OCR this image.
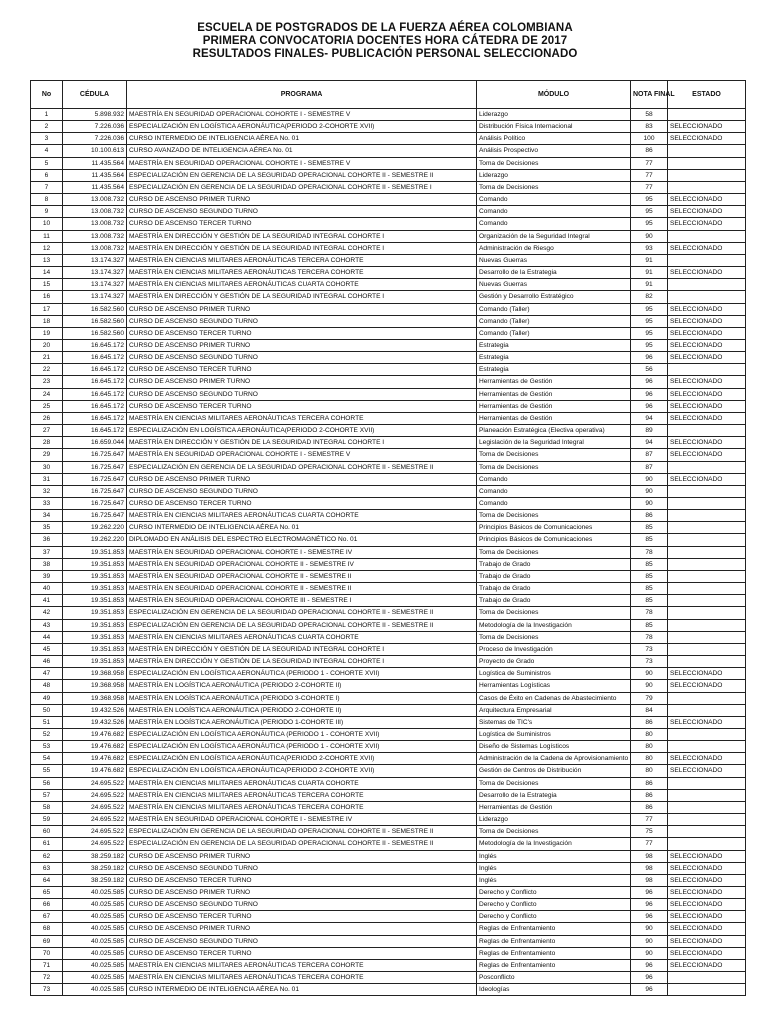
ESCUELA DE POSTGRADOS DE LA FUERZA AÉREA COLOMBIANA
PRIMERA CONVOCATORIA DOCENTES HORA CÁTEDRA DE 2017
RESULTADOS FINALES- PUBLICACIÓN PERSONAL SELECCIONADO
No	CÉDULA	PROGRAMA	MÓDULO	NOTA FINAL	ESTADO
1	5.898.932	MAESTRÍA EN SEGURIDAD OPERACIONAL COHORTE I - SEMESTRE V	Liderazgo	58	
2	7.226.036	ESPECIALIZACIÓN EN LOGÍSTICA AERONÁUTICA(PERIODO 2-COHORTE XVII)	Distribución Física Internacional	83	SELECCIONADO
3	7.226.036	CURSO INTERMEDIO DE INTELIGENCIA AÉREA No. 01	Análisis Político	100	SELECCIONADO
4	10.100.613	CURSO AVANZADO DE INTELIGENCIA AÉREA No. 01	Análisis Prospectivo	86	
5	11.435.564	MAESTRÍA EN SEGURIDAD OPERACIONAL COHORTE I - SEMESTRE V	Toma de Decisiones	77	
6	11.435.564	ESPECIALIZACIÓN EN GERENCIA DE LA SEGURIDAD OPERACIONAL COHORTE II - SEMESTRE II	Liderazgo	77	
7	11.435.564	ESPECIALIZACIÓN EN GERENCIA DE LA SEGURIDAD OPERACIONAL COHORTE II - SEMESTRE I	Toma de Decisiones	77	
8	13.008.732	CURSO DE ASCENSO PRIMER TURNO	Comando	95	SELECCIONADO
9	13.008.732	CURSO DE ASCENSO SEGUNDO TURNO	Comando	95	SELECCIONADO
10	13.008.732	CURSO DE ASCENSO TERCER TURNO	Comando	95	SELECCIONADO
11	13.008.732	MAESTRÍA EN DIRECCIÓN Y GESTIÓN DE LA SEGURIDAD INTEGRAL COHORTE I	Organización de la Seguridad Integral	90	
12	13.008.732	MAESTRÍA EN DIRECCIÓN Y GESTIÓN DE LA SEGURIDAD INTEGRAL COHORTE I	Administración de Riesgo	93	SELECCIONADO
13	13.174.327	MAESTRÍA EN CIENCIAS MILITARES AERONÁUTICAS TERCERA COHORTE	Nuevas Guerras	91	
14	13.174.327	MAESTRÍA EN CIENCIAS MILITARES AERONÁUTICAS TERCERA COHORTE	Desarrollo de la Estrategia	91	SELECCIONADO
15	13.174.327	MAESTRÍA EN CIENCIAS MILITARES AERONÁUTICAS CUARTA COHORTE	Nuevas Guerras	91	
16	13.174.327	MAESTRÍA EN DIRECCIÓN Y GESTIÓN DE LA SEGURIDAD INTEGRAL COHORTE I	Gestión y Desarrollo Estratégico	82	
17	16.582.560	CURSO DE ASCENSO PRIMER TURNO	Comando (Taller)	95	SELECCIONADO
18	16.582.560	CURSO DE ASCENSO SEGUNDO TURNO	Comando (Taller)	95	SELECCIONADO
19	16.582.560	CURSO DE ASCENSO TERCER TURNO	Comando (Taller)	95	SELECCIONADO
20	16.645.172	CURSO DE ASCENSO PRIMER TURNO	Estrategia	95	SELECCIONADO
21	16.645.172	CURSO DE ASCENSO SEGUNDO TURNO	Estrategia	96	SELECCIONADO
22	16.645.172	CURSO DE ASCENSO TERCER TURNO	Estrategia	56	
23	16.645.172	CURSO DE ASCENSO PRIMER TURNO	Herramientas de Gestión	96	SELECCIONADO
24	16.645.172	CURSO DE ASCENSO SEGUNDO TURNO	Herramientas de Gestión	96	SELECCIONADO
25	16.645.172	CURSO DE ASCENSO TERCER TURNO	Herramientas de Gestión	96	SELECCIONADO
26	16.645.172	MAESTRÍA EN CIENCIAS MILITARES AERONÁUTICAS TERCERA COHORTE	Herramientas de Gestión	94	SELECCIONADO
27	16.645.172	ESPECIALIZACIÓN EN LOGÍSTICA AERONÁUTICA(PERIODO 2-COHORTE XVII)	Planeación Estratégica (Electiva operativa)	89	
28	16.659.044	MAESTRÍA EN DIRECCIÓN Y GESTIÓN DE LA SEGURIDAD INTEGRAL COHORTE I	Legislación de la Seguridad Integral	94	SELECCIONADO
29	16.725.647	MAESTRÍA EN SEGURIDAD OPERACIONAL COHORTE I - SEMESTRE V	Toma de Decisiones	87	SELECCIONADO
30	16.725.647	ESPECIALIZACIÓN EN GERENCIA DE LA SEGURIDAD OPERACIONAL COHORTE II - SEMESTRE II	Toma de Decisiones	87	
31	16.725.647	CURSO DE ASCENSO PRIMER TURNO	Comando	90	SELECCIONADO
32	16.725.647	CURSO DE ASCENSO SEGUNDO TURNO	Comando	90	
33	16.725.647	CURSO DE ASCENSO TERCER TURNO	Comando	90	
34	16.725.647	MAESTRÍA EN CIENCIAS MILITARES AERONÁUTICAS CUARTA COHORTE	Toma de Decisiones	86	
35	19.262.220	CURSO INTERMEDIO DE INTELIGENCIA AÉREA No. 01	Principios Básicos de Comunicaciones	85	
36	19.262.220	DIPLOMADO EN ANÁLISIS DEL ESPECTRO ELECTROMAGNÉTICO No. 01	Principios Básicos de Comunicaciones	85	
37	19.351.853	MAESTRÍA EN SEGURIDAD OPERACIONAL COHORTE I - SEMESTRE IV	Toma de Decisiones	78	
38	19.351.853	MAESTRÍA EN SEGURIDAD OPERACIONAL COHORTE II - SEMESTRE IV	Trabajo de Grado	85	
39	19.351.853	MAESTRÍA EN SEGURIDAD OPERACIONAL COHORTE II - SEMESTRE II	Trabajo de Grado	85	
40	19.351.853	MAESTRÍA EN SEGURIDAD OPERACIONAL COHORTE II - SEMESTRE II	Trabajo de Grado	85	
41	19.351.853	MAESTRÍA EN SEGURIDAD OPERACIONAL COHORTE III - SEMESTRE I	Trabajo de Grado	85	
42	19.351.853	ESPECIALIZACIÓN EN GERENCIA DE LA SEGURIDAD OPERACIONAL COHORTE II - SEMESTRE II	Toma de Decisiones	78	
43	19.351.853	ESPECIALIZACIÓN EN GERENCIA DE LA SEGURIDAD OPERACIONAL COHORTE II - SEMESTRE II	Metodología de la Investigación	85	
44	19.351.853	MAESTRÍA EN CIENCIAS MILITARES AERONÁUTICAS CUARTA COHORTE	Toma de Decisiones	78	
45	19.351.853	MAESTRÍA EN DIRECCIÓN Y GESTIÓN DE LA SEGURIDAD INTEGRAL COHORTE I	Proceso de Investigación	73	
46	19.351.853	MAESTRÍA EN DIRECCIÓN Y GESTIÓN DE LA SEGURIDAD INTEGRAL COHORTE I	Proyecto de Grado	73	
47	19.368.958	ESPECIALIZACIÓN EN LOGÍSTICA AERONÁUTICA (PERIODO 1 - COHORTE XVII)	Logística de Suministros	90	SELECCIONADO
48	19.368.958	MAESTRÍA EN LOGÍSTICA AERONÁUTICA (PERIODO 2-COHORTE II)	Herramientas Logísticas	90	SELECCIONADO
49	19.368.958	MAESTRÍA EN LOGÍSTICA AERONÁUTICA (PERIODO 3-COHORTE I)	Casos de Éxito en Cadenas de Abastecimiento	79	
50	19.432.526	MAESTRÍA EN LOGÍSTICA AERONÁUTICA (PERIODO 2-COHORTE II)	Arquitectura Empresarial	84	
51	19.432.526	MAESTRÍA EN LOGÍSTICA AERONÁUTICA (PERIODO 1-COHORTE III)	Sistemas de TIC's	86	SELECCIONADO
52	19.476.682	ESPECIALIZACIÓN EN LOGÍSTICA AERONÁUTICA (PERIODO 1 - COHORTE XVII)	Logística de Suministros	80	
53	19.476.682	ESPECIALIZACIÓN EN LOGÍSTICA AERONÁUTICA (PERIODO 1 - COHORTE XVII)	Diseño de Sistemas Logísticos	80	
54	19.476.682	ESPECIALIZACIÓN EN LOGÍSTICA AERONÁUTICA(PERIODO 2-COHORTE XVII)	Administración de la Cadena de Aprovisionamiento	80	SELECCIONADO
55	19.476.682	ESPECIALIZACIÓN EN LOGÍSTICA AERONÁUTICA(PERIODO 2-COHORTE XVII)	Gestión de Centros de Distribución	80	SELECCIONADO
56	24.695.522	MAESTRÍA EN CIENCIAS MILITARES AERONÁUTICAS CUARTA COHORTE	Toma de Decisiones	86	
57	24.695.522	MAESTRÍA EN CIENCIAS MILITARES AERONÁUTICAS TERCERA COHORTE	Desarrollo de la Estrategia	86	
58	24.695.522	MAESTRÍA EN CIENCIAS MILITARES AERONÁUTICAS TERCERA COHORTE	Herramientas de Gestión	86	
59	24.695.522	MAESTRÍA EN SEGURIDAD OPERACIONAL COHORTE I - SEMESTRE IV	Liderazgo	77	
60	24.695.522	ESPECIALIZACIÓN EN GERENCIA DE LA SEGURIDAD OPERACIONAL COHORTE II - SEMESTRE II	Toma de Decisiones	75	
61	24.695.522	ESPECIALIZACIÓN EN GERENCIA DE LA SEGURIDAD OPERACIONAL COHORTE II - SEMESTRE II	Metodología de la Investigación	77	
62	38.259.182	CURSO DE ASCENSO PRIMER TURNO	Inglés	98	SELECCIONADO
63	38.259.182	CURSO DE ASCENSO SEGUNDO TURNO	Inglés	98	SELECCIONADO
64	38.259.182	CURSO DE ASCENSO TERCER TURNO	Inglés	98	SELECCIONADO
65	40.025.585	CURSO DE ASCENSO PRIMER TURNO	Derecho y Conflicto	96	SELECCIONADO
66	40.025.585	CURSO DE ASCENSO SEGUNDO TURNO	Derecho y Conflicto	96	SELECCIONADO
67	40.025.585	CURSO DE ASCENSO TERCER TURNO	Derecho y Conflicto	96	SELECCIONADO
68	40.025.585	CURSO DE ASCENSO PRIMER TURNO	Reglas de Enfrentamiento	90	SELECCIONADO
69	40.025.585	CURSO DE ASCENSO SEGUNDO TURNO	Reglas de Enfrentamiento	90	SELECCIONADO
70	40.025.585	CURSO DE ASCENSO TERCER TURNO	Reglas de Enfrentamiento	90	SELECCIONADO
71	40.025.585	MAESTRÍA EN CIENCIAS MILITARES AERONÁUTICAS TERCERA COHORTE	Reglas de Enfrentamiento	96	SELECCIONADO
72	40.025.585	MAESTRÍA EN CIENCIAS MILITARES AERONÁUTICAS TERCERA COHORTE	Posconflicto	96	
73	40.025.585	CURSO INTERMEDIO DE INTELIGENCIA AÉREA No. 01	Ideologías	96	
